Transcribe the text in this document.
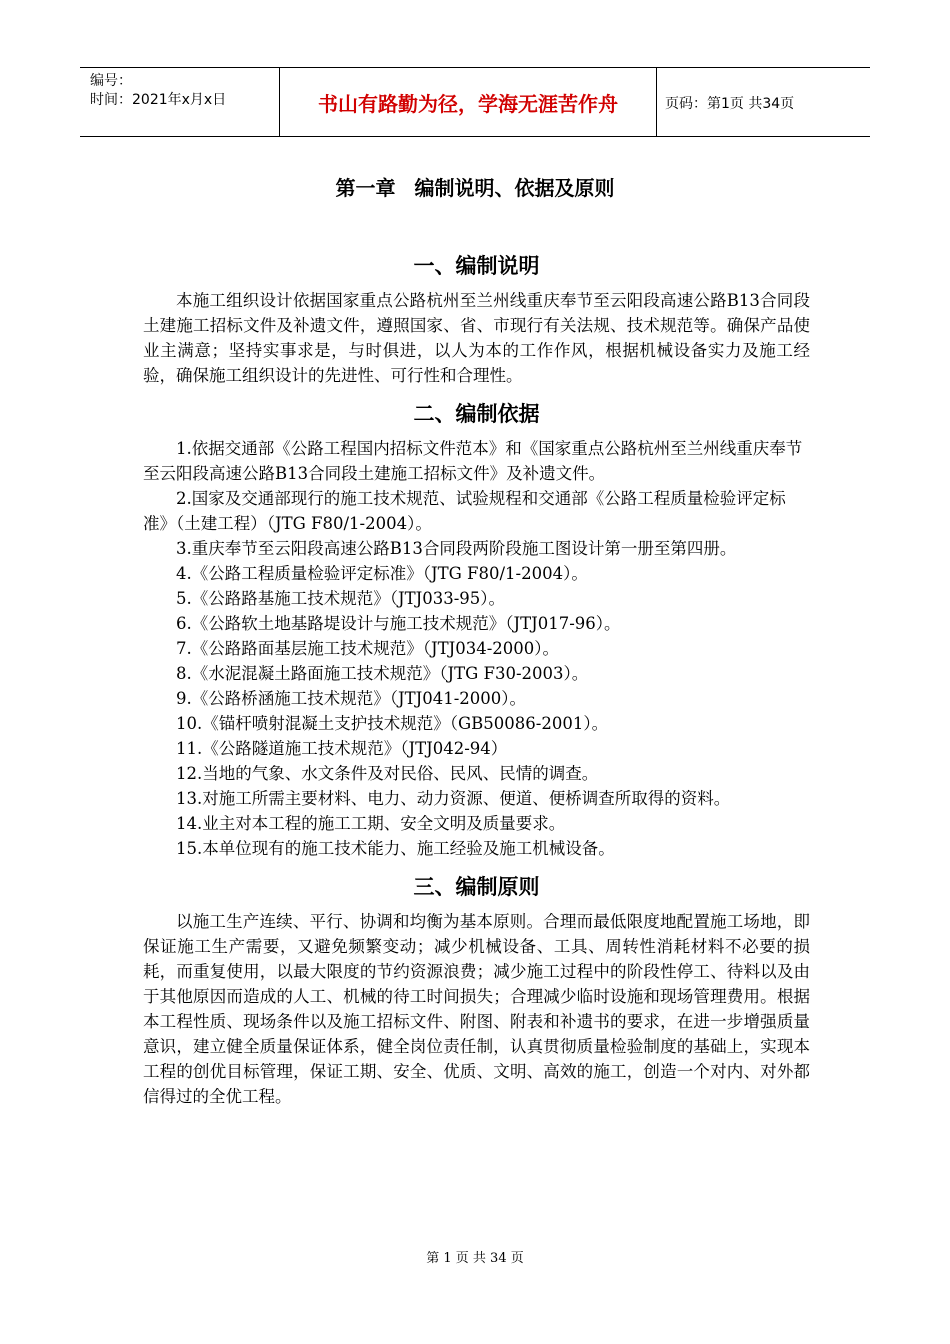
编号：
时间：2021年x月x日	书山有路勤为径，学海无涯苦作舟	页码：第1页 共34页
第一章 编制说明、依据及原则
一、编制说明

本施工组织设计依据国家重点公路杭州至兰州线重庆奉节至云阳段高速公路B13合同段土建施工招标文件及补遗文件，遵照国家、省、市现行有关法规、技术规范等。确保产品使业主满意；坚持实事求是，与时俱进，以人为本的工作作风，根据机械设备实力及施工经验，确保施工组织设计的先进性、可行性和合理性。

二、编制依据

1.依据交通部《公路工程国内招标文件范本》和《国家重点公路杭州至兰州线重庆奉节至云阳段高速公路B13合同段土建施工招标文件》及补遗文件。

2.国家及交通部现行的施工技术规范、试验规程和交通部《公路工程质量检验评定标准》（土建工程）（JTG F80/1-2004）。

3.重庆奉节至云阳段高速公路B13合同段两阶段施工图设计第一册至第四册。

4.《公路工程质量检验评定标准》（JTG F80/1-2004）。

5.《公路路基施工技术规范》（JTJ033-95）。

6.《公路软土地基路堤设计与施工技术规范》（JTJ017-96）。

7.《公路路面基层施工技术规范》（JTJ034-2000）。

8.《水泥混凝土路面施工技术规范》（JTG F30-2003）。

9.《公路桥涵施工技术规范》（JTJ041-2000）。

10.《锚杆喷射混凝土支护技术规范》（GB50086-2001）。

11.《公路隧道施工技术规范》（JTJ042-94）

12.当地的气象、水文条件及对民俗、民风、民情的调查。

13.对施工所需主要材料、电力、动力资源、便道、便桥调查所取得的资料。

14.业主对本工程的施工工期、安全文明及质量要求。

15.本单位现有的施工技术能力、施工经验及施工机械设备。

三、编制原则

以施工生产连续、平行、协调和均衡为基本原则。合理而最低限度地配置施工场地，即保证施工生产需要，又避免频繁变动；减少机械设备、工具、周转性消耗材料不必要的损耗，而重复使用，以最大限度的节约资源浪费；减少施工过程中的阶段性停工、待料以及由于其他原因而造成的人工、机械的待工时间损失；合理减少临时设施和现场管理费用。根据本工程性质、现场条件以及施工招标文件、附图、附表和补遗书的要求，在进一步增强质量意识，建立健全质量保证体系，健全岗位责任制，认真贯彻质量检验制度的基础上，实现本工程的创优目标管理，保证工期、安全、优质、文明、高效的施工，创造一个对内、对外都信得过的全优工程。

第 1 页 共 34 页
